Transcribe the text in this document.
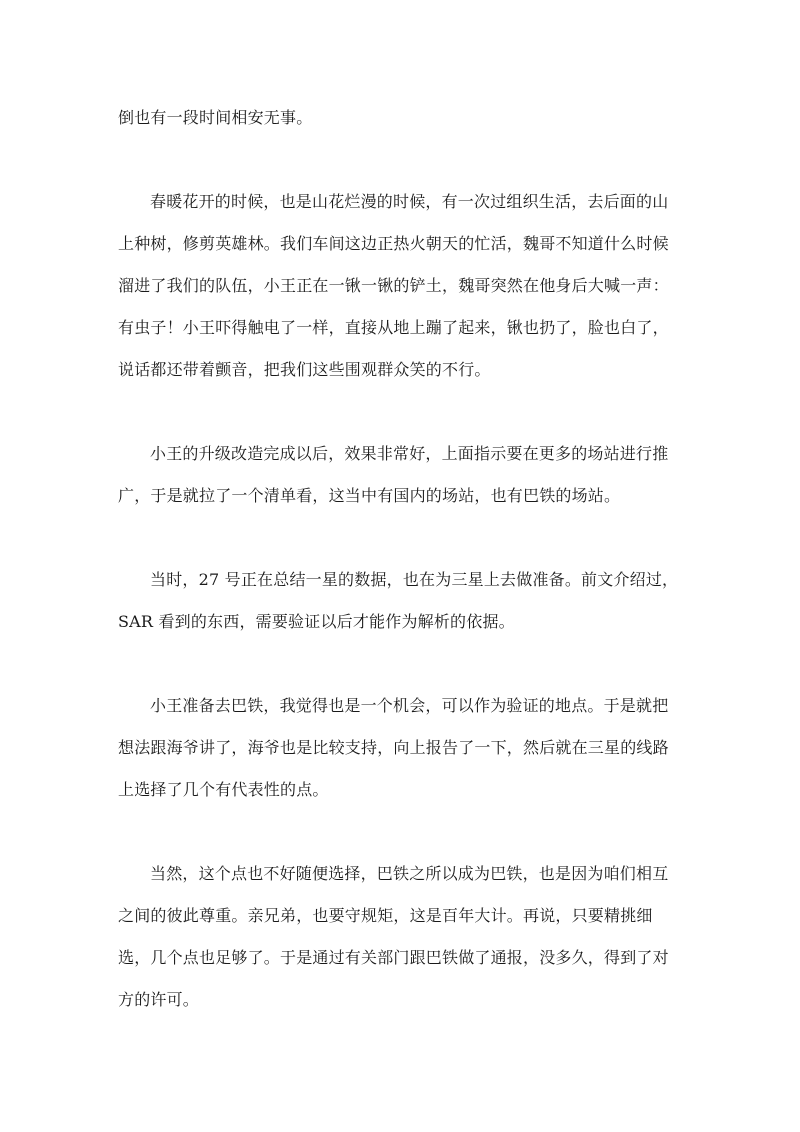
倒也有一段时间相安无事。
春暖花开的时候，也是山花烂漫的时候，有一次过组织生活，去后面的山
上种树，修剪英雄林。我们车间这边正热火朝天的忙活，魏哥不知道什么时候
溜进了我们的队伍，小王正在一锹一锹的铲土，魏哥突然在他身后大喊一声：
有虫子！小王吓得触电了一样，直接从地上蹦了起来，锹也扔了，脸也白了，
说话都还带着颤音，把我们这些围观群众笑的不行。
小王的升级改造完成以后，效果非常好，上面指示要在更多的场站进行推
广，于是就拉了一个清单看，这当中有国内的场站，也有巴铁的场站。
当时，27 号正在总结一星的数据，也在为三星上去做准备。前文介绍过，
SAR 看到的东西，需要验证以后才能作为解析的依据。
小王准备去巴铁，我觉得也是一个机会，可以作为验证的地点。于是就把
想法跟海爷讲了，海爷也是比较支持，向上报告了一下，然后就在三星的线路
上选择了几个有代表性的点。
当然，这个点也不好随便选择，巴铁之所以成为巴铁，也是因为咱们相互
之间的彼此尊重。亲兄弟，也要守规矩，这是百年大计。再说，只要精挑细
选，几个点也足够了。于是通过有关部门跟巴铁做了通报，没多久，得到了对
方的许可。
